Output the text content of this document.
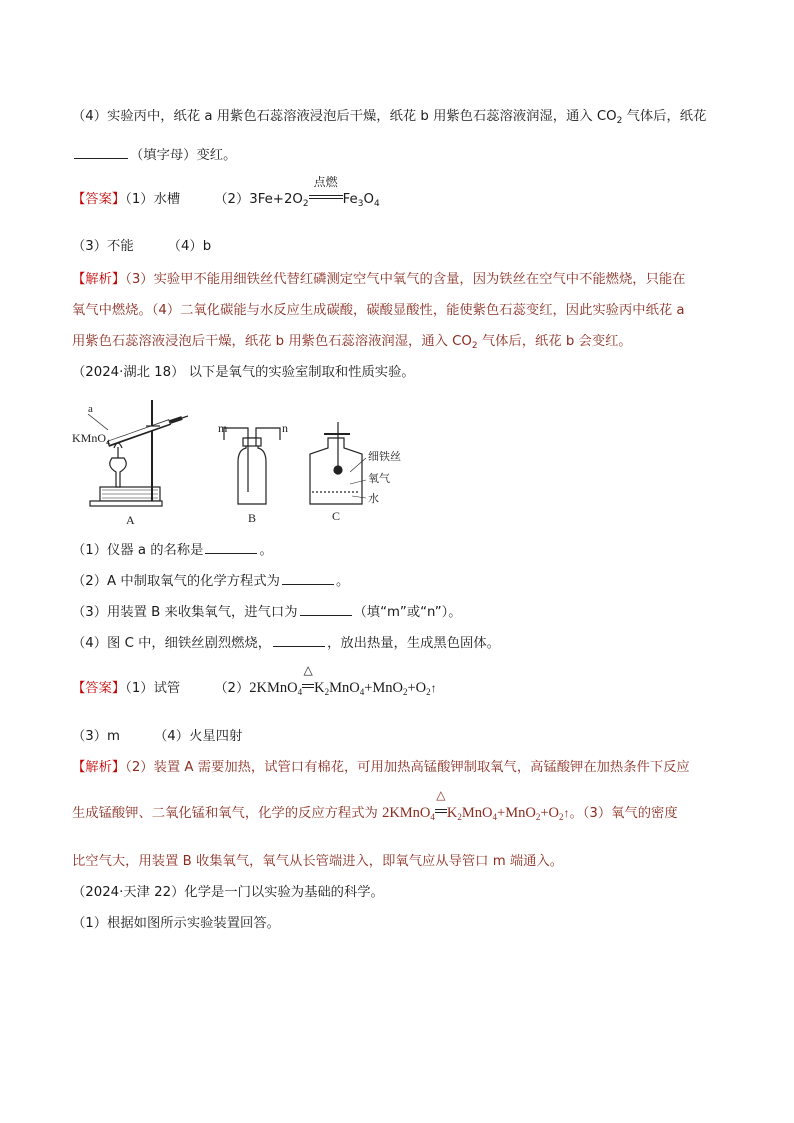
（4）实验丙中，纸花 a 用紫色石蕊溶液浸泡后干燥，纸花 b 用紫色石蕊溶液润湿，通入 $CO_2$ 气体后，纸花
（填字母）变红。
【答案】（1）水槽	$(2)3Fe+2O_2$
点燃
$Fe_3O_4$
（3）不能	（4）b
【解析】（3）实验甲不能用细铁丝代替红磷测定空气中氧气的含量，因为铁丝在空气中不能燃烧，只能在
氧气中燃烧。（4）二氧化碳能与水反应生成碳酸，碳酸显酸性，能使紫色石蕊变红，因此实验丙中纸花 a
用紫色石蕊溶液浸泡后干燥，纸花 b 用紫色石蕊溶液润湿，通入 $CO_2$ 气体后，纸花 b 会变红。
（2024·湖北 18） 以下是氧气的实验室制取和性质实验。
a
KMnO$_4$
A
m	n
B
细铁丝
氧气
水
C
（1）仪器 a 的名称是	。
（2）A 中制取氧气的化学方程式为	。
（3）用装置 B 来收集氧气，进气口为	（填“m”或“n”）。
（4）图 C 中，细铁丝剧烈燃烧，	，放出热量，生成黑色固体。
【答案】（1）试管	（2）2KMnO$_4$
△
$K_2MnO_4+MnO_2+O_2↑$
（3）m	（4）火星四射
【解析】（2）装置 A 需要加热，试管口有棉花，可用加热高锰酸钾制取氧气，高锰酸钾在加热条件下反应
生成锰酸钾、二氧化锰和氧气，化学的反应方程式为 2KMnO$_4$
△
$K_2MnO_4+MnO_2+O_2↑$。（3）氧气的密度
比空气大，用装置 B 收集氧气，氧气从长管端进入，即氧气应从导管口 m 端通入。
（2024·天津 22）化学是一门以实验为基础的科学。
（1）根据如图所示实验装置回答。
